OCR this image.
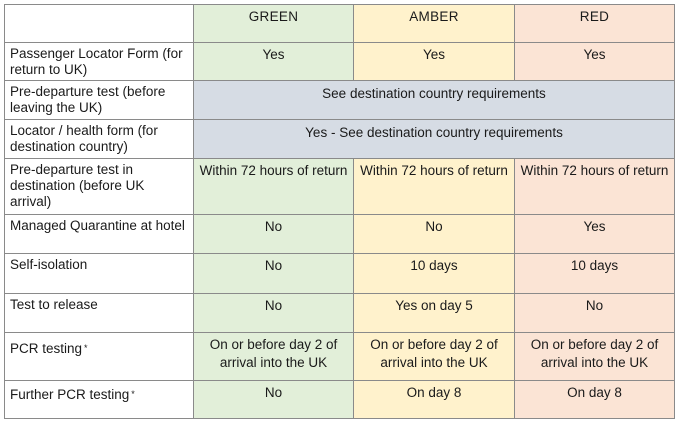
	GREEN	AMBER	RED
Passenger Locator Form (for return to UK)	Yes	Yes	Yes
Pre-departure test (before leaving the UK)	See destination country requirements		
Locator / health form (for destination country)	Yes - See destination country requirements		
Pre-departure test in destination (before UK arrival)	Within 72 hours of return	Within 72 hours of return	Within 72 hours of return
Managed Quarantine at hotel	No	No	Yes
Self-isolation	No	10 days	10 days
Test to release	No	Yes on day 5	No
PCR testing *	On or before day 2 of arrival into the UK	On or before day 2 of arrival into the UK	On or before day 2 of arrival into the UK
Further PCR testing *	No	On day 8	On day 8
